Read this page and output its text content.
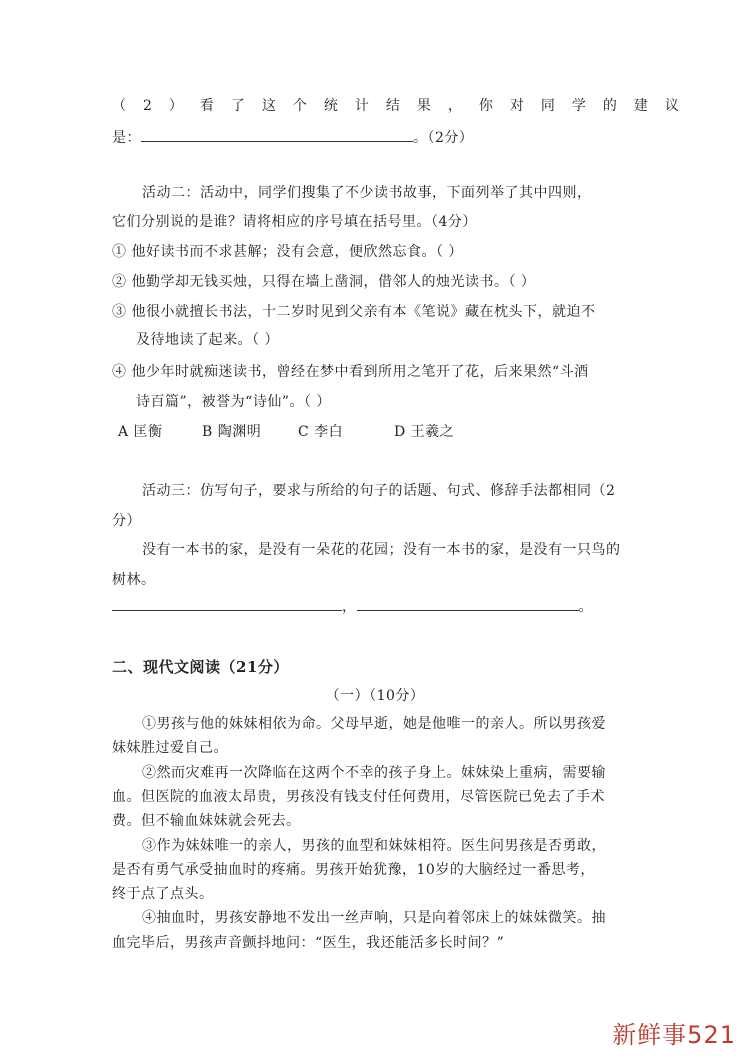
（2）看了这个统计结果，你对同学的建议
是：	。（2分）
活动二：活动中，同学们搜集了不少读书故事，下面列举了其中四则，
它们分别说的是谁？请将相应的序号填在括号里。（4分）
① 他好读书而不求甚解；没有会意，便欣然忘食。（ ）
② 他勤学却无钱买烛，只得在墙上凿洞，借邻人的烛光读书。（ ）
③ 他很小就擅长书法，十二岁时见到父亲有本《笔说》藏在枕头下，就迫不
及待地读了起来。（ ）
④ 他少年时就痴迷读书，曾经在梦中看到所用之笔开了花，后来果然“斗酒
诗百篇”，被誉为“诗仙”。（ ）
A 匡衡	B 陶渊明	C 李白	D 王羲之
活动三：仿写句子，要求与所给的句子的话题、句式、修辞手法都相同（2
分）
没有一本书的家，是没有一朵花的花园；没有一本书的家，是没有一只鸟的
树林。
，	。
二、现代文阅读（21分）
（一）（10分）
①男孩与他的妹妹相依为命。父母早逝，她是他唯一的亲人。所以男孩爱
妹妹胜过爱自己。
②然而灾难再一次降临在这两个不幸的孩子身上。妹妹染上重病，需要输
血。但医院的血液太昂贵，男孩没有钱支付任何费用，尽管医院已免去了手术
费。但不输血妹妹就会死去。
③作为妹妹唯一的亲人，男孩的血型和妹妹相符。医生问男孩是否勇敢，
是否有勇气承受抽血时的疼痛。男孩开始犹豫，10岁的大脑经过一番思考，
终于点了点头。
④抽血时，男孩安静地不发出一丝声响，只是向着邻床上的妹妹微笑。抽
血完毕后，男孩声音颤抖地问：“医生，我还能活多长时间？”
新鲜事521
